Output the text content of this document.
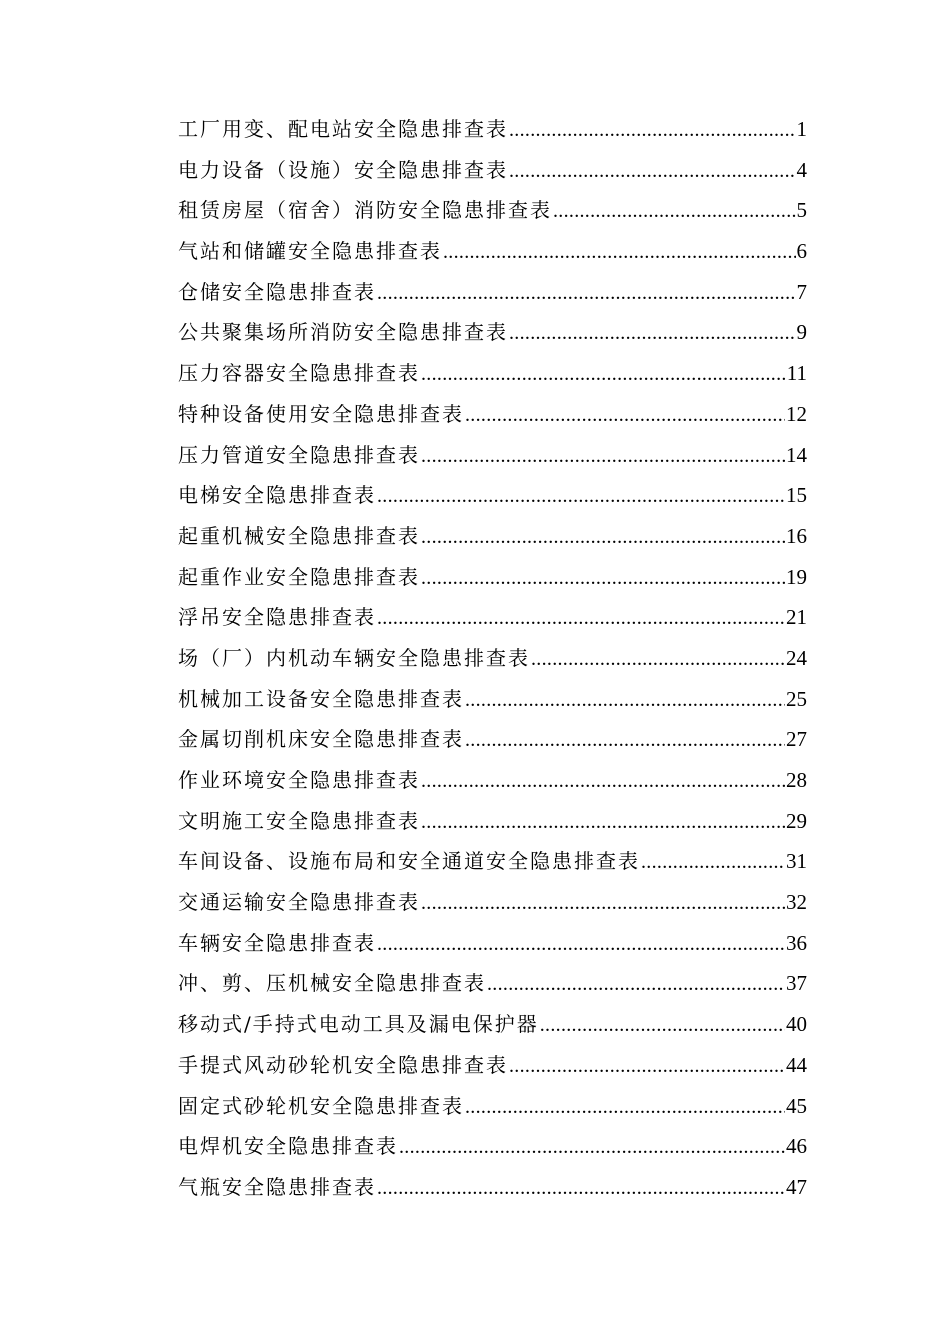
工厂用变、配电站安全隐患排查表 .....	1
电力设备（设施）安全隐患排查表 .....	4
租赁房屋（宿舍）消防安全隐患排查表 .....	5
气站和储罐安全隐患排查表 .....	6
仓储安全隐患排查表 .....	7
公共聚集场所消防安全隐患排查表 .....	9
压力容器安全隐患排查表 .....	11
特种设备使用安全隐患排查表 .....	12
压力管道安全隐患排查表 .....	14
电梯安全隐患排查表 .....	15
起重机械安全隐患排查表 .....	16
起重作业安全隐患排查表 .....	19
浮吊安全隐患排查表 .....	21
场（厂）内机动车辆安全隐患排查表 .....	24
机械加工设备安全隐患排查表 .....	25
金属切削机床安全隐患排查表 .....	27
作业环境安全隐患排查表 .....	28
文明施工安全隐患排查表 .....	29
车间设备、设施布局和安全通道安全隐患排查表 .....	31
交通运输安全隐患排查表 .....	32
车辆安全隐患排查表 .....	36
冲、剪、压机械安全隐患排查表 .....	37
移动式/手持式电动工具及漏电保护器 .....	40
手提式风动砂轮机安全隐患排查表 .....	44
固定式砂轮机安全隐患排查表 .....	45
电焊机安全隐患排查表 .....	46
气瓶安全隐患排查表 .....	47
